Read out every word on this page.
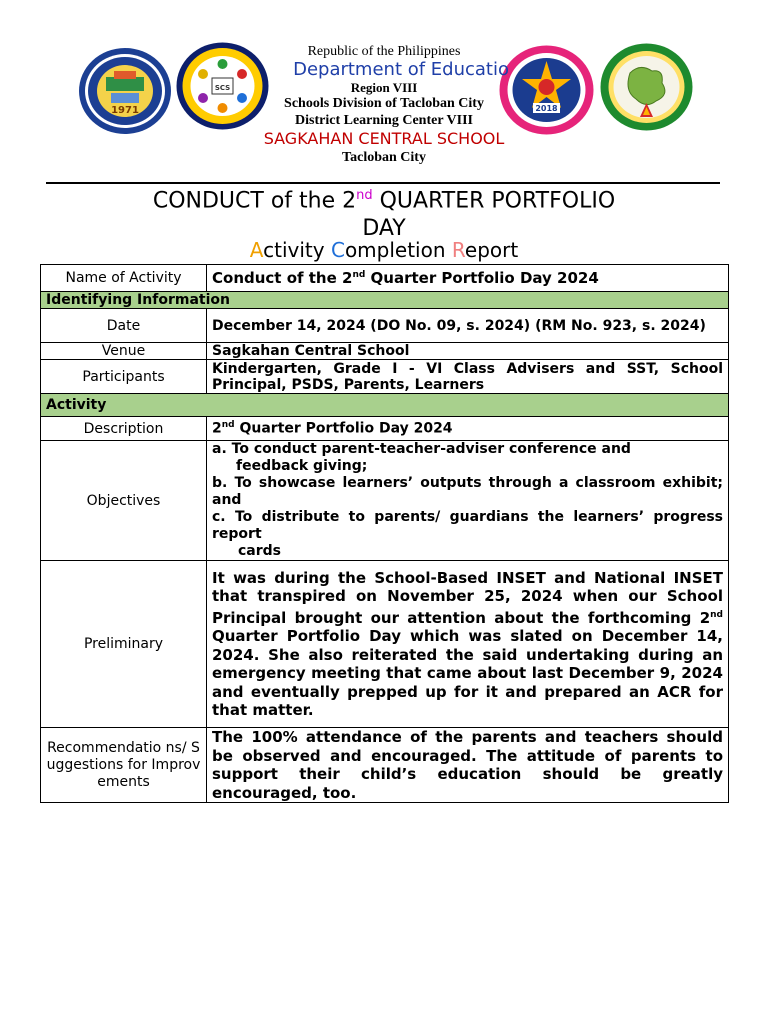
1971
SCS
2018
Republic of the Philippines
Department of Educatio
Region VIII
Schools Division of Tacloban City
District Learning Center VIII
SAGKAHAN CENTRAL SCHOOL
Tacloban City
CONDUCT of the 2nd QUARTER PORTFOLIO
DAY
Activity Completion Report
Name of Activity	Conduct of the 2nd Quarter Portfolio Day 2024
Identifying Information	
Date	December 14, 2024 (DO No. 09, s. 2024) (RM No. 923, s. 2024)
Venue	Sagkahan Central School
Participants	Kindergarten, Grade I - VI Class Advisers and SST, School Principal, PSDS, Parents, Learners
Activity	
Description	2nd Quarter Portfolio Day 2024
Objectives	a. To conduct parent-teacher-adviser conference and
feedback giving;
b. To showcase learners’ outputs through a classroom exhibit; and
c. To distribute to parents/ guardians the learners’ progress report
cards

Preliminary	It was during the School-Based INSET and National INSET that transpired on November 25, 2024 when our School Principal brought our attention about the forthcoming 2nd Quarter Portfolio Day which was slated on December 14, 2024. She also reiterated the said undertaking during an emergency meeting that came about last December 9, 2024 and eventually prepped up for it and prepared an ACR for that matter.
Recommendatio ns/ Suggestions for Improvements	The 100% attendance of the parents and teachers should be observed and encouraged. The attitude of parents to support their child’s education should be greatly encouraged, too.
